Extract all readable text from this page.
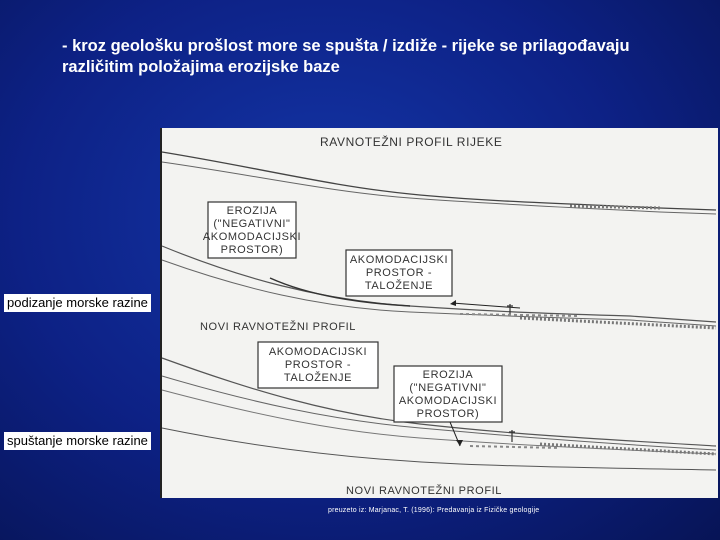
- kroz geološku prošlost more se spušta / izdiže - rijeke se prilagođavaju
različitim položajima erozijske baze
RAVNOTEŽNI PROFIL RIJEKE
EROZIJA
("NEGATIVNI"
AKOMODACIJSKI
PROSTOR)
AKOMODACIJSKI
PROSTOR -
TALOŽENJE
NOVI RAVNOTEŽNI PROFIL
AKOMODACIJSKI
PROSTOR -
TALOŽENJE	EROZIJA
("NEGATIVNI"
AKOMODACIJSKI
PROSTOR)
NOVI RAVNOTEŽNI PROFIL
podizanje morske razine
spuštanje morske razine
preuzeto iz: Marjanac, T. (1996): Predavanja iz Fizičke geologije
